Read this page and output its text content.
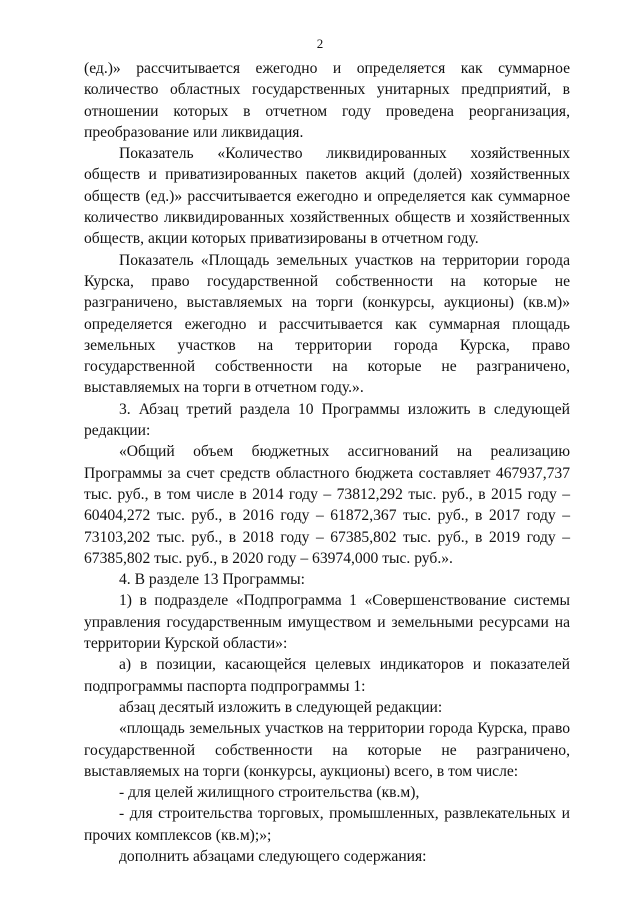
2

(ед.)» рассчитывается ежегодно и определяется как суммарное количество областных государственных унитарных предприятий, в отношении которых в отчетном году проведена реорганизация, преобразование или ликвидация.

Показатель «Количество ликвидированных хозяйственных обществ и приватизированных пакетов акций (долей) хозяйственных обществ (ед.)» рассчитывается ежегодно и определяется как суммарное количество ликвидированных хозяйственных обществ и хозяйственных обществ, акции которых приватизированы в отчетном году.

Показатель «Площадь земельных участков на территории города Курска, право государственной собственности на которые не разграничено, выставляемых на торги (конкурсы, аукционы) (кв.м)» определяется ежегодно и рассчитывается как суммарная площадь земельных участков на территории города Курска, право государственной собственности на которые не разграничено, выставляемых на торги в отчетном году.».

3. Абзац третий раздела 10 Программы изложить в следующей редакции:

«Общий объем бюджетных ассигнований на реализацию Программы за счет средств областного бюджета составляет 467937,737 тыс. руб., в том числе в 2014 году – 73812,292 тыс. руб., в 2015 году – 60404,272 тыс. руб., в 2016 году – 61872,367 тыс. руб., в 2017 году – 73103,202 тыс. руб., в 2018 году – 67385,802 тыс. руб., в 2019 году – 67385,802 тыс. руб., в 2020 году – 63974,000 тыс. руб.».

4. В разделе 13 Программы:

1) в подразделе «Подпрограмма 1 «Совершенствование системы управления государственным имуществом и земельными ресурсами на территории Курской области»:

а) в позиции, касающейся целевых индикаторов и показателей подпрограммы паспорта подпрограммы 1:

абзац десятый изложить в следующей редакции:

«площадь земельных участков на территории города Курска, право государственной собственности на которые не разграничено, выставляемых на торги (конкурсы, аукционы) всего, в том числе:

- для целей жилищного строительства (кв.м),

- для строительства торговых, промышленных, развлекательных и прочих комплексов (кв.м);»;

дополнить абзацами следующего содержания:
